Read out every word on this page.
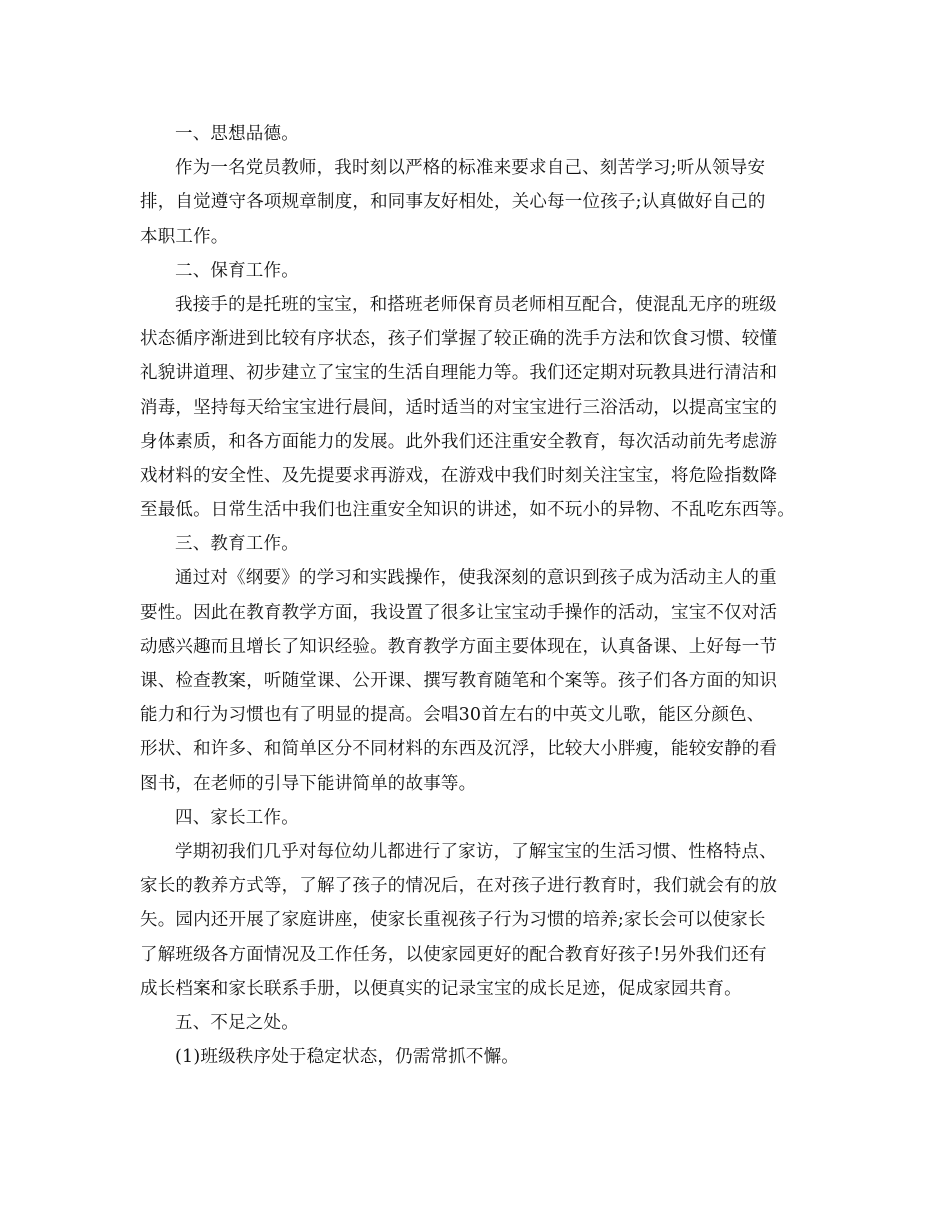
一、思想品德。
作为一名党员教师，我时刻以严格的标准来要求自己、刻苦学习;听从领导安
排，自觉遵守各项规章制度，和同事友好相处，关心每一位孩子;认真做好自己的
本职工作。
二、保育工作。
我接手的是托班的宝宝，和搭班老师保育员老师相互配合，使混乱无序的班级
状态循序渐进到比较有序状态，孩子们掌握了较正确的洗手方法和饮食习惯、较懂
礼貌讲道理、初步建立了宝宝的生活自理能力等。我们还定期对玩教具进行清洁和
消毒，坚持每天给宝宝进行晨间，适时适当的对宝宝进行三浴活动，以提高宝宝的
身体素质，和各方面能力的发展。此外我们还注重安全教育，每次活动前先考虑游
戏材料的安全性、及先提要求再游戏，在游戏中我们时刻关注宝宝，将危险指数降
至最低。日常生活中我们也注重安全知识的讲述，如不玩小的异物、不乱吃东西等。
三、教育工作。
通过对《纲要》的学习和实践操作，使我深刻的意识到孩子成为活动主人的重
要性。因此在教育教学方面，我设置了很多让宝宝动手操作的活动，宝宝不仅对活
动感兴趣而且增长了知识经验。教育教学方面主要体现在，认真备课、上好每一节
课、检查教案，听随堂课、公开课、撰写教育随笔和个案等。孩子们各方面的知识
能力和行为习惯也有了明显的提高。会唱30首左右的中英文儿歌，能区分颜色、
形状、和许多、和简单区分不同材料的东西及沉浮，比较大小胖瘦，能较安静的看
图书，在老师的引导下能讲简单的故事等。
四、家长工作。
学期初我们几乎对每位幼儿都进行了家访，了解宝宝的生活习惯、性格特点、
家长的教养方式等，了解了孩子的情况后，在对孩子进行教育时，我们就会有的放
矢。园内还开展了家庭讲座，使家长重视孩子行为习惯的培养;家长会可以使家长
了解班级各方面情况及工作任务，以使家园更好的配合教育好孩子!另外我们还有
成长档案和家长联系手册，以便真实的记录宝宝的成长足迹，促成家园共育。
五、不足之处。
(1)班级秩序处于稳定状态，仍需常抓不懈。
